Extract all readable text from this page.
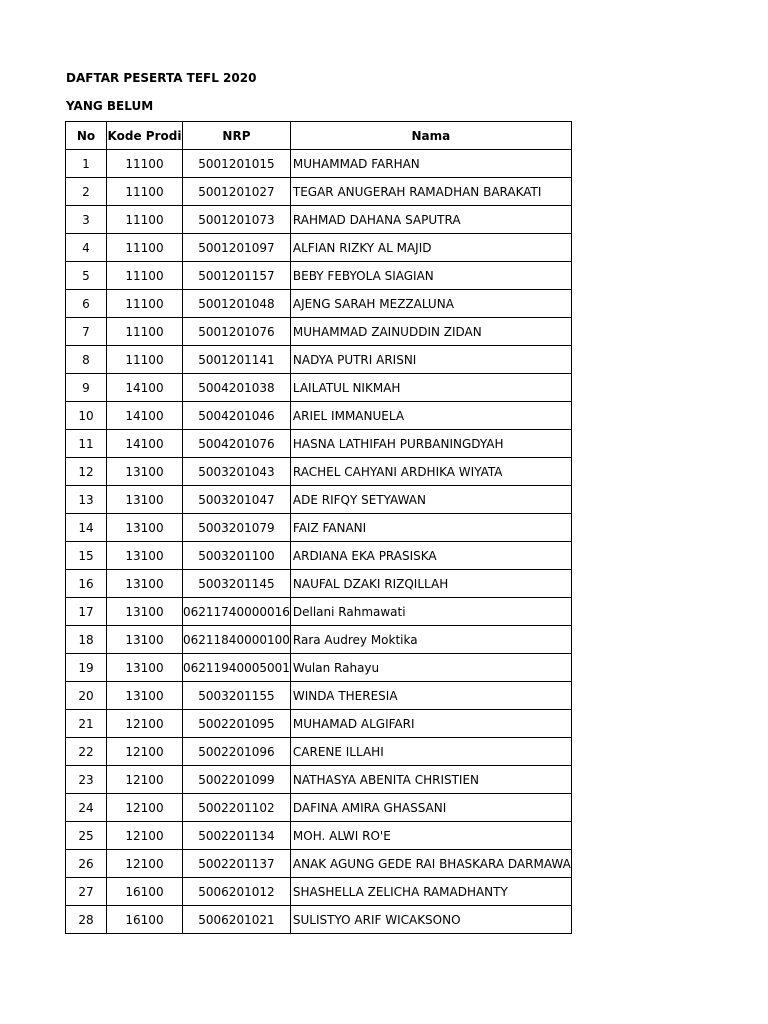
DAFTAR PESERTA TEFL 2020
YANG BELUM
No	Kode Prodi	NRP	Nama
1	11100	5001201015	MUHAMMAD FARHAN
2	11100	5001201027	TEGAR ANUGERAH RAMADHAN BARAKATI
3	11100	5001201073	RAHMAD DAHANA SAPUTRA
4	11100	5001201097	ALFIAN RIZKY AL MAJID
5	11100	5001201157	BEBY FEBYOLA SIAGIAN
6	11100	5001201048	AJENG SARAH MEZZALUNA
7	11100	5001201076	MUHAMMAD ZAINUDDIN ZIDAN
8	11100	5001201141	NADYA PUTRI ARISNI
9	14100	5004201038	LAILATUL NIKMAH
10	14100	5004201046	ARIEL IMMANUELA
11	14100	5004201076	HASNA LATHIFAH PURBANINGDYAH
12	13100	5003201043	RACHEL CAHYANI ARDHIKA WIYATA
13	13100	5003201047	ADE RIFQY SETYAWAN
14	13100	5003201079	FAIZ FANANI
15	13100	5003201100	ARDIANA EKA PRASISKA
16	13100	5003201145	NAUFAL DZAKI RIZQILLAH
17	13100	06211740000016	Dellani Rahmawati
18	13100	06211840000100	Rara Audrey Moktika
19	13100	06211940005001	Wulan Rahayu
20	13100	5003201155	WINDA THERESIA
21	12100	5002201095	MUHAMAD ALGIFARI
22	12100	5002201096	CARENE ILLAHI
23	12100	5002201099	NATHASYA ABENITA CHRISTIEN
24	12100	5002201102	DAFINA AMIRA GHASSANI
25	12100	5002201134	MOH. ALWI RO'E
26	12100	5002201137	ANAK AGUNG GEDE RAI BHASKARA DARMAWA
27	16100	5006201012	SHASHELLA ZELICHA RAMADHANTY
28	16100	5006201021	SULISTYO ARIF WICAKSONO
